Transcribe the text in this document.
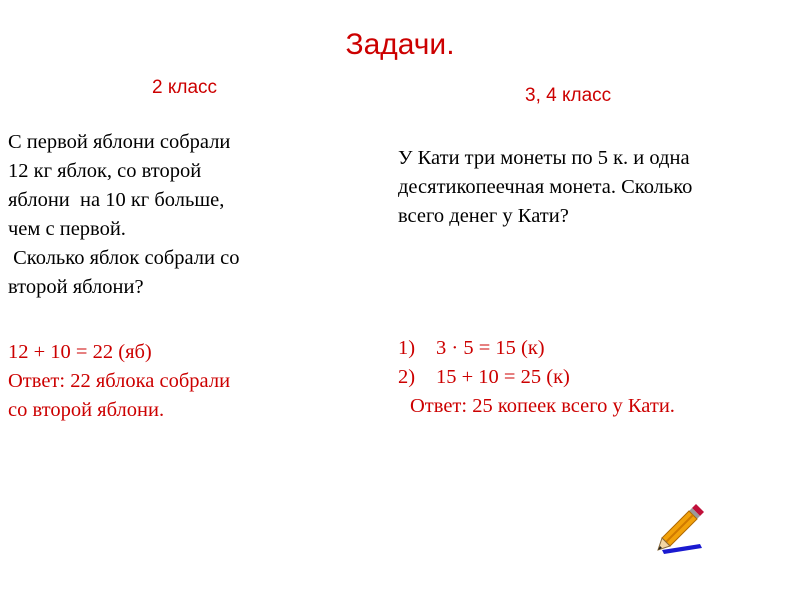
Задачи.
2 класс	3, 4 класс
С первой яблони собрали
12 кг яблок, со второй
яблони  на 10 кг больше,
чем с первой.
Сколько яблок собрали со
второй яблони?
12 + 10 = 22 (яб)
Ответ: 22 яблока собрали
со второй яблони.
У Кати три монеты по 5 к. и одна
десятикопеечная монета. Сколько
всего денег у Кати?
1) 3 · 5 = 15 (к)
2) 15 + 10 = 25 (к)
Ответ: 25 копеек всего у Кати.
